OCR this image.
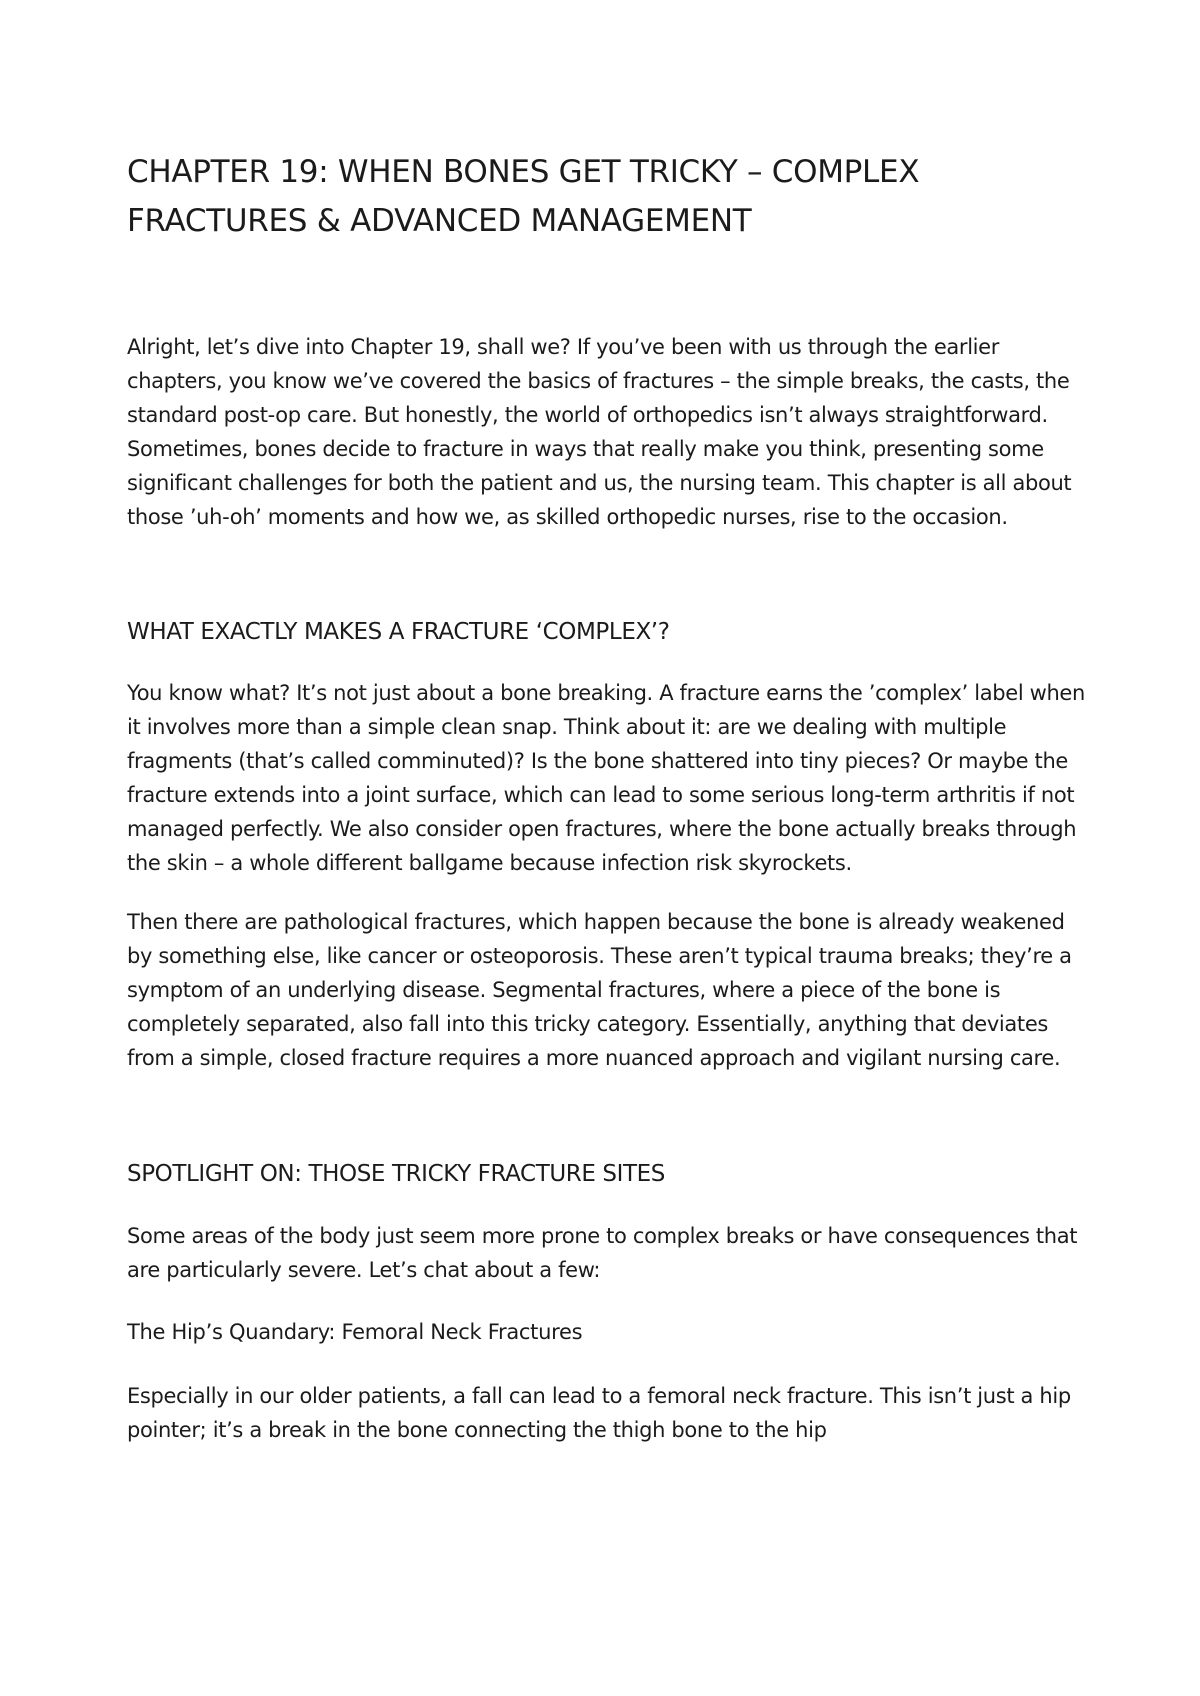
CHAPTER 19: WHEN BONES GET TRICKY – COMPLEX FRACTURES & ADVANCED MANAGEMENT

Alright, let’s dive into Chapter 19, shall we? If you’ve been with us through the earlier chapters, you know we’ve covered the basics of fractures – the simple breaks, the casts, the standard post-op care. But honestly, the world of orthopedics isn’t always straightforward. Sometimes, bones decide to fracture in ways that really make you think, presenting some significant challenges for both the patient and us, the nursing team. This chapter is all about those ’uh-oh’ moments and how we, as skilled orthopedic nurses, rise to the occasion.

WHAT EXACTLY MAKES A FRACTURE ‘COMPLEX’?

You know what? It’s not just about a bone breaking. A fracture earns the ’complex’ label when it involves more than a simple clean snap. Think about it: are we dealing with multiple fragments (that’s called comminuted)? Is the bone shattered into tiny pieces? Or maybe the fracture extends into a joint surface, which can lead to some serious long-term arthritis if not managed perfectly. We also consider open fractures, where the bone actually breaks through the skin – a whole different ballgame because infection risk skyrockets.

Then there are pathological fractures, which happen because the bone is already weakened by something else, like cancer or osteoporosis. These aren’t typical trauma breaks; they’re a symptom of an underlying disease. Segmental fractures, where a piece of the bone is completely separated, also fall into this tricky category. Essentially, anything that deviates from a simple, closed fracture requires a more nuanced approach and vigilant nursing care.

SPOTLIGHT ON: THOSE TRICKY FRACTURE SITES

Some areas of the body just seem more prone to complex breaks or have consequences that are particularly severe. Let’s chat about a few:

The Hip’s Quandary: Femoral Neck Fractures

Especially in our older patients, a fall can lead to a femoral neck fracture. This isn’t just a hip pointer; it’s a break in the bone connecting the thigh bone to the hip
